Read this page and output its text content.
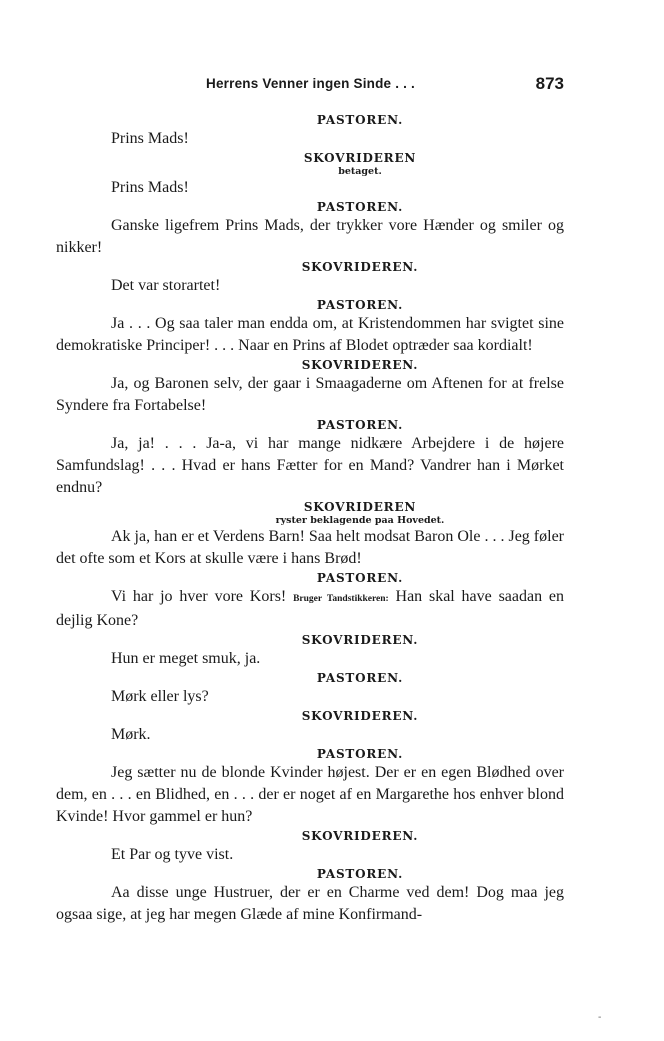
Herrens Venner ingen Sinde . . .	873
PASTOREN.
Prins Mads!
SKOVRIDEREN
betaget.
Prins Mads!
PASTOREN.
Ganske ligefrem Prins Mads, der trykker vore Hænder og smiler og nikker!
SKOVRIDEREN.
Det var storartet!
PASTOREN.
Ja . . . Og saa taler man endda om, at Kristendommen har svigtet sine demokratiske Principer! . . . Naar en Prins af Blodet optræder saa kordialt!
SKOVRIDEREN.
Ja, og Baronen selv, der gaar i Smaagaderne om Aftenen for at frelse Syndere fra Fortabelse!
PASTOREN.
Ja, ja! . . . Ja-a, vi har mange nidkære Arbejdere i de højere Samfundslag! . . . Hvad er hans Fætter for en Mand? Vandrer han i Mørket endnu?
SKOVRIDEREN
ryster beklagende paa Hovedet.
Ak ja, han er et Verdens Barn! Saa helt modsat Baron Ole . . . Jeg føler det ofte som et Kors at skulle være i hans Brød!
PASTOREN.
Vi har jo hver vore Kors! Bruger Tandstikkeren: Han skal have saadan en dejlig Kone?
SKOVRIDEREN.
Hun er meget smuk, ja.
PASTOREN.
Mørk eller lys?
SKOVRIDEREN.
Mørk.
PASTOREN.
Jeg sætter nu de blonde Kvinder højest. Der er en egen Blødhed over dem, en . . . en Blidhed, en . . . der er noget af en Margarethe hos enhver blond Kvinde! Hvor gammel er hun?
SKOVRIDEREN.
Et Par og tyve vist.
PASTOREN.
Aa disse unge Hustruer, der er en Charme ved dem! Dog maa jeg ogsaa sige, at jeg har megen Glæde af mine Konfirmand-
-
